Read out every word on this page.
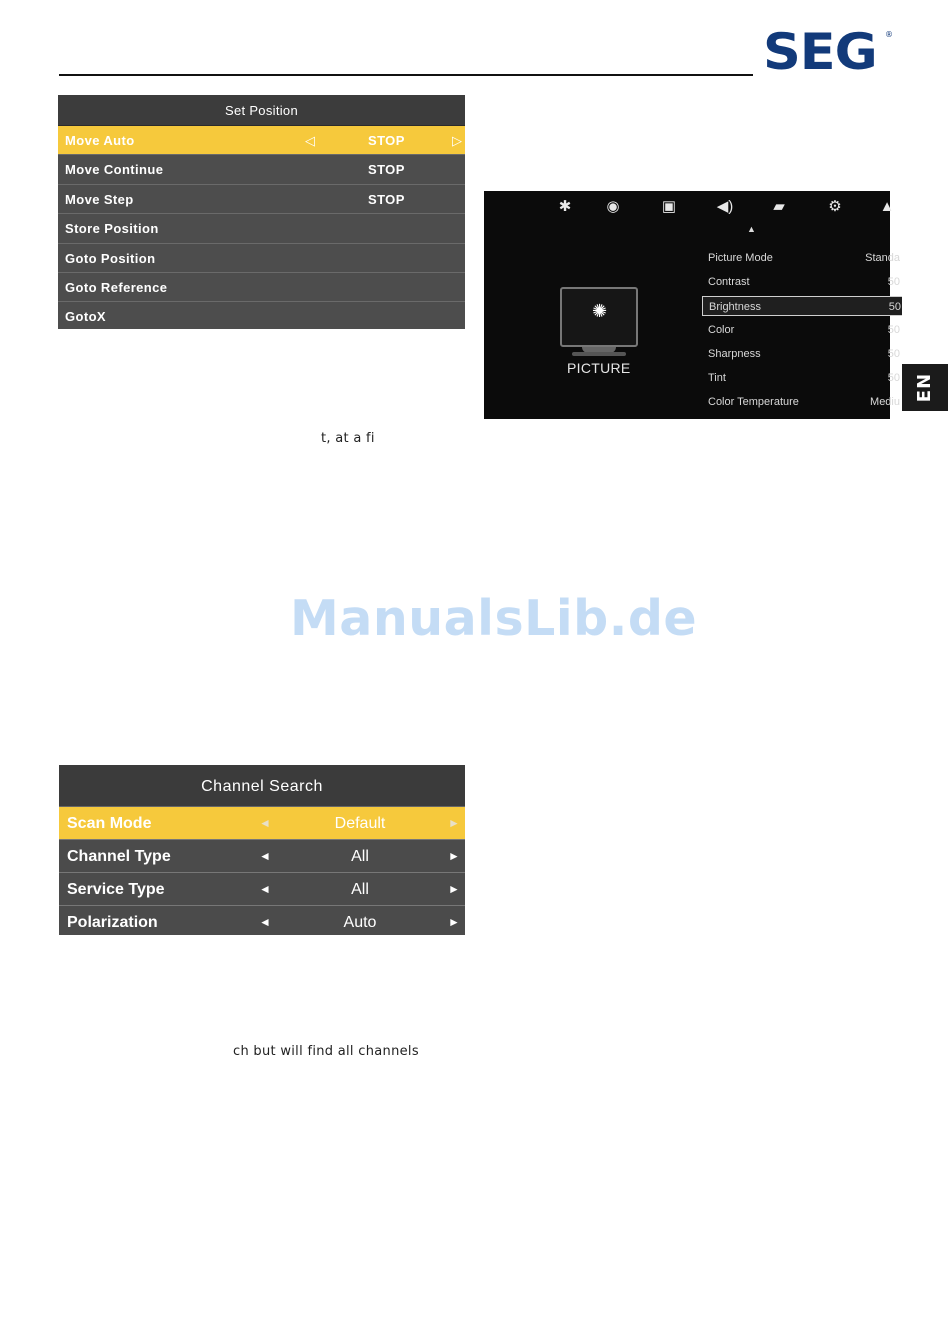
SEG ®
Set Position
Move Auto	◁	STOP	▷
Move Continue	STOP
Move Step	STOP
Store Position
Goto Position
Goto Reference
GotoX
✱	◉	▣	◀︎)	▰	⚙	▲
▲
✺
PICTURE
Picture Mode	Standa
Contrast	50
Brightness	50
Color	50
Sharpness	50
Tint	50
Color Temperature	Mediu EN
t, at a fi
ch but will find all channels
ManualsLib.de
Channel Search
Scan Mode	◄	Default	►
Channel Type	◄	All	►
Service Type	◄	All	►
Polarization	◄	Auto	►
